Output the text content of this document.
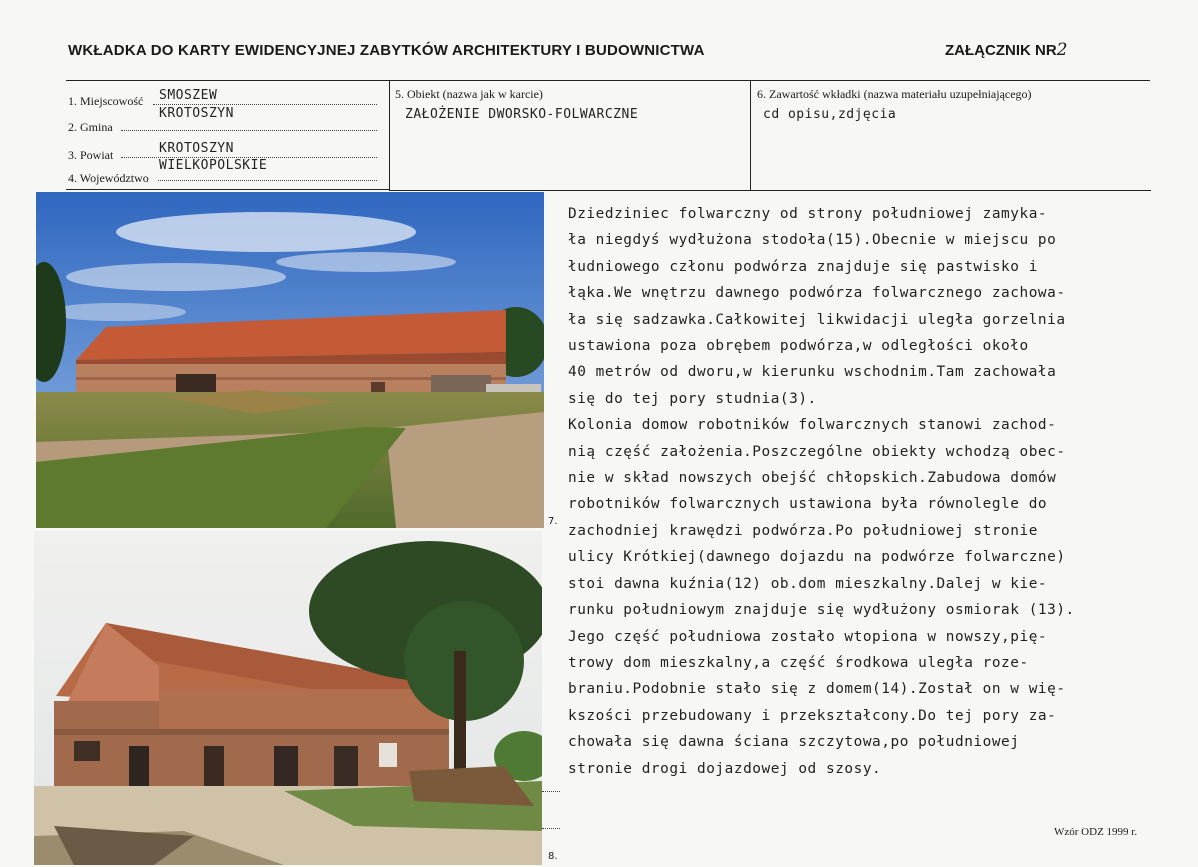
WKŁADKA DO KARTY EWIDENCYJNEJ ZABYTKÓW ARCHITEKTURY I BUDOWNICTWA	ZAŁĄCZNIK NR2
1. Miejscowość SMOSZEW
2. Gmina
KROTOSZYN
3. Powiat	KROTOSZYN
4. Województwo
WIELKOPOLSKIE
5. Obiekt (nazwa jak w karcie)
ZAŁOŻENIE DWORSKO-FOLWARCZNE
6. Zawartość wkładki (nazwa materiału uzupełniającego)
cd opisu,zdjęcia
7.
8.
Dziedziniec folwarczny od strony południowej zamyka-
ła niegdyś wydłużona stodoła(15).Obecnie w miejscu po
łudniowego członu podwórza znajduje się pastwisko i
łąka.We wnętrzu dawnego podwórza folwarcznego zachowa-
ła się sadzawka.Całkowitej likwidacji uległa gorzelnia
ustawiona poza obrębem podwórza,w odległości około
40 metrów od dworu,w kierunku wschodnim.Tam zachowała
się do tej pory studnia(3).
Kolonia domow robotników folwarcznych stanowi zachod-
nią część założenia.Poszczególne obiekty wchodzą obec-
nie w skład nowszych obejść chłopskich.Zabudowa domów
robotników folwarcznych ustawiona była równolegle do
zachodniej krawędzi podwórza.Po południowej stronie
ulicy Krótkiej(dawnego dojazdu na podwórze folwarczne)
stoi dawna kuźnia(12) ob.dom mieszkalny.Dalej w kie-
runku południowym znajduje się wydłużony osmiorak (13).
Jego część południowa zostało wtopiona w nowszy,pię-
trowy dom mieszkalny,a część środkowa uległa roze-
braniu.Podobnie stało się z domem(14).Został on w wię-
kszości przebudowany i przekształcony.Do tej pory za-
chowała się dawna ściana szczytowa,po południowej
stronie drogi dojazdowej od szosy.
Wzór ODZ 1999 r.
